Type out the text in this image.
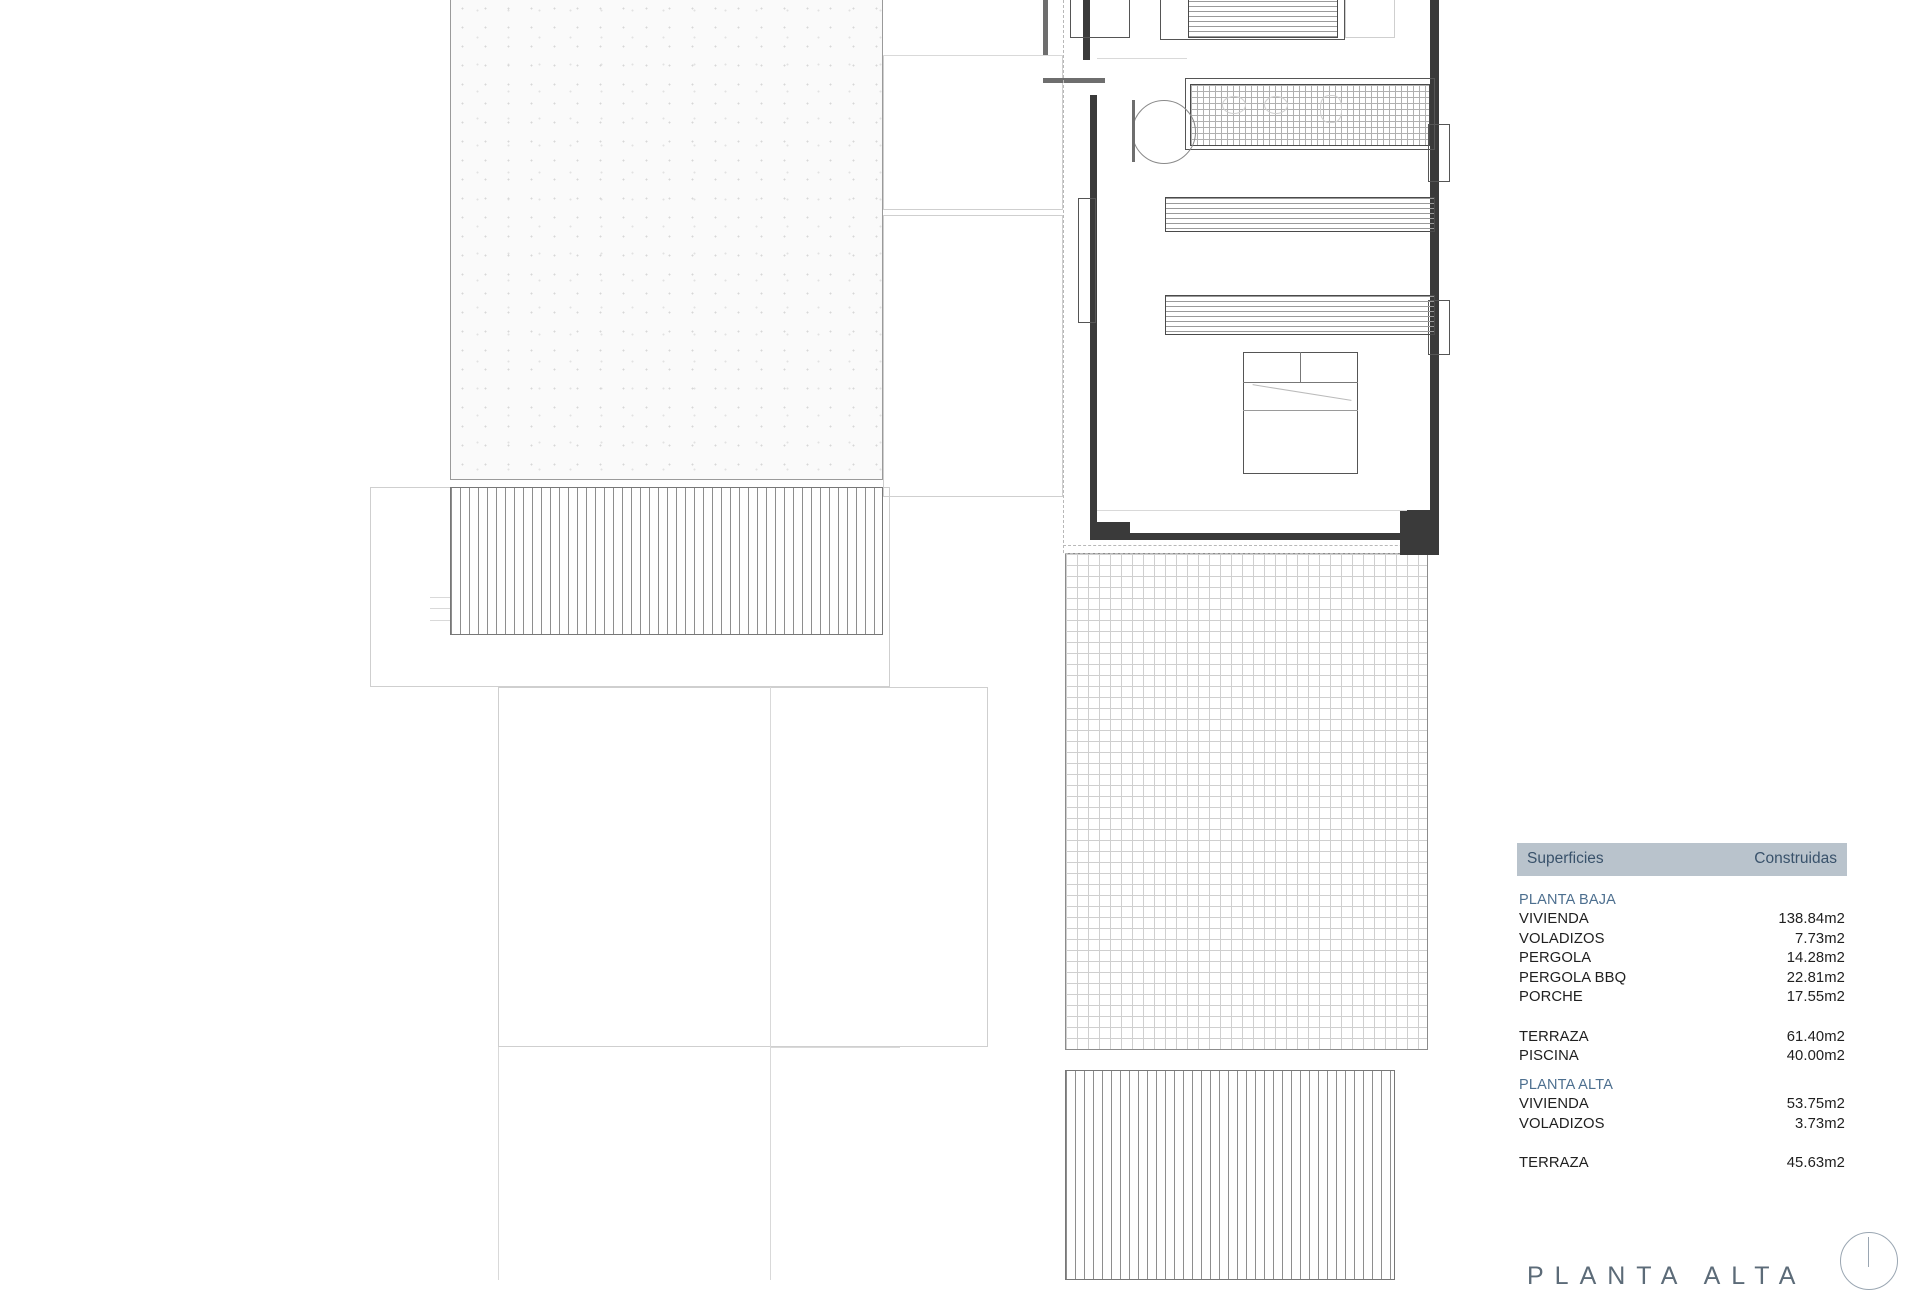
Superficies	Construidas
PLANTA BAJA
VIVIENDA	138.84m2
VOLADIZOS	7.73m2
PERGOLA	14.28m2
PERGOLA BBQ	22.81m2
PORCHE	17.55m2
TERRAZA	61.40m2
PISCINA	40.00m2
PLANTA ALTA
VIVIENDA	53.75m2
VOLADIZOS	3.73m2
TERRAZA	45.63m2
PLANTA ALTA
